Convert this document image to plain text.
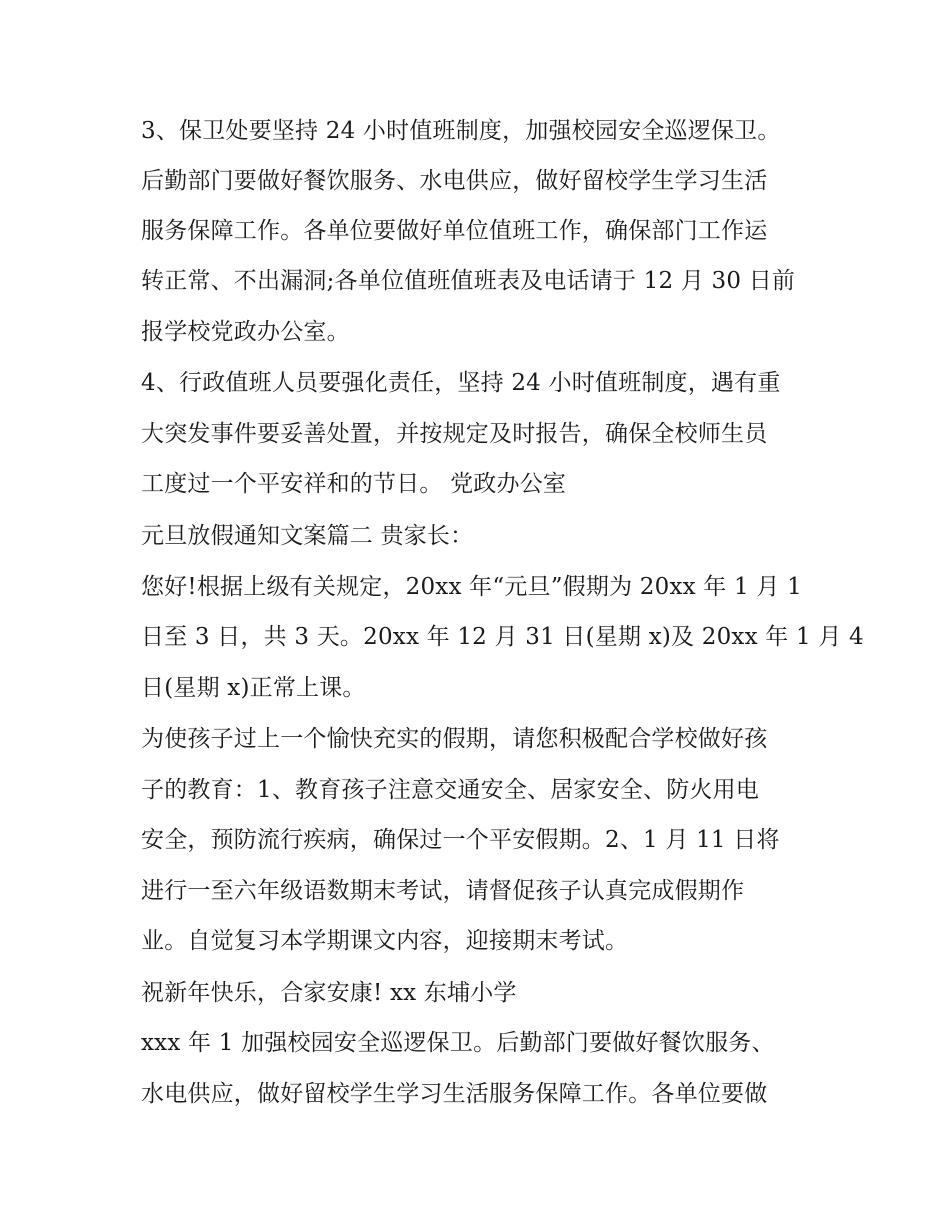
3、保卫处要坚持 24 小时值班制度，加强校园安全巡逻保卫。
后勤部门要做好餐饮服务、水电供应，做好留校学生学习生活
服务保障工作。各单位要做好单位值班工作，确保部门工作运
转正常、不出漏洞;各单位值班值班表及电话请于 12 月 30 日前
报学校党政办公室。
4、行政值班人员要强化责任，坚持 24 小时值班制度，遇有重
大突发事件要妥善处置，并按规定及时报告，确保全校师生员
工度过一个平安祥和的节日。 党政办公室
元旦放假通知文案篇二 贵家长：
您好!根据上级有关规定，20xx 年“元旦”假期为 20xx 年 1 月 1
日至 3 日，共 3 天。20xx 年 12 月 31 日(星期 x)及 20xx 年 1 月 4
日(星期 x)正常上课。
为使孩子过上一个愉快充实的假期，请您积极配合学校做好孩
子的教育：1、教育孩子注意交通安全、居家安全、防火用电
安全，预防流行疾病，确保过一个平安假期。2、1 月 11 日将
进行一至六年级语数期末考试，请督促孩子认真完成假期作
业。自觉复习本学期课文内容，迎接期末考试。
祝新年快乐，合家安康! xx 东埔小学
xxx 年 1 加强校园安全巡逻保卫。后勤部门要做好餐饮服务、
水电供应，做好留校学生学习生活服务保障工作。各单位要做
